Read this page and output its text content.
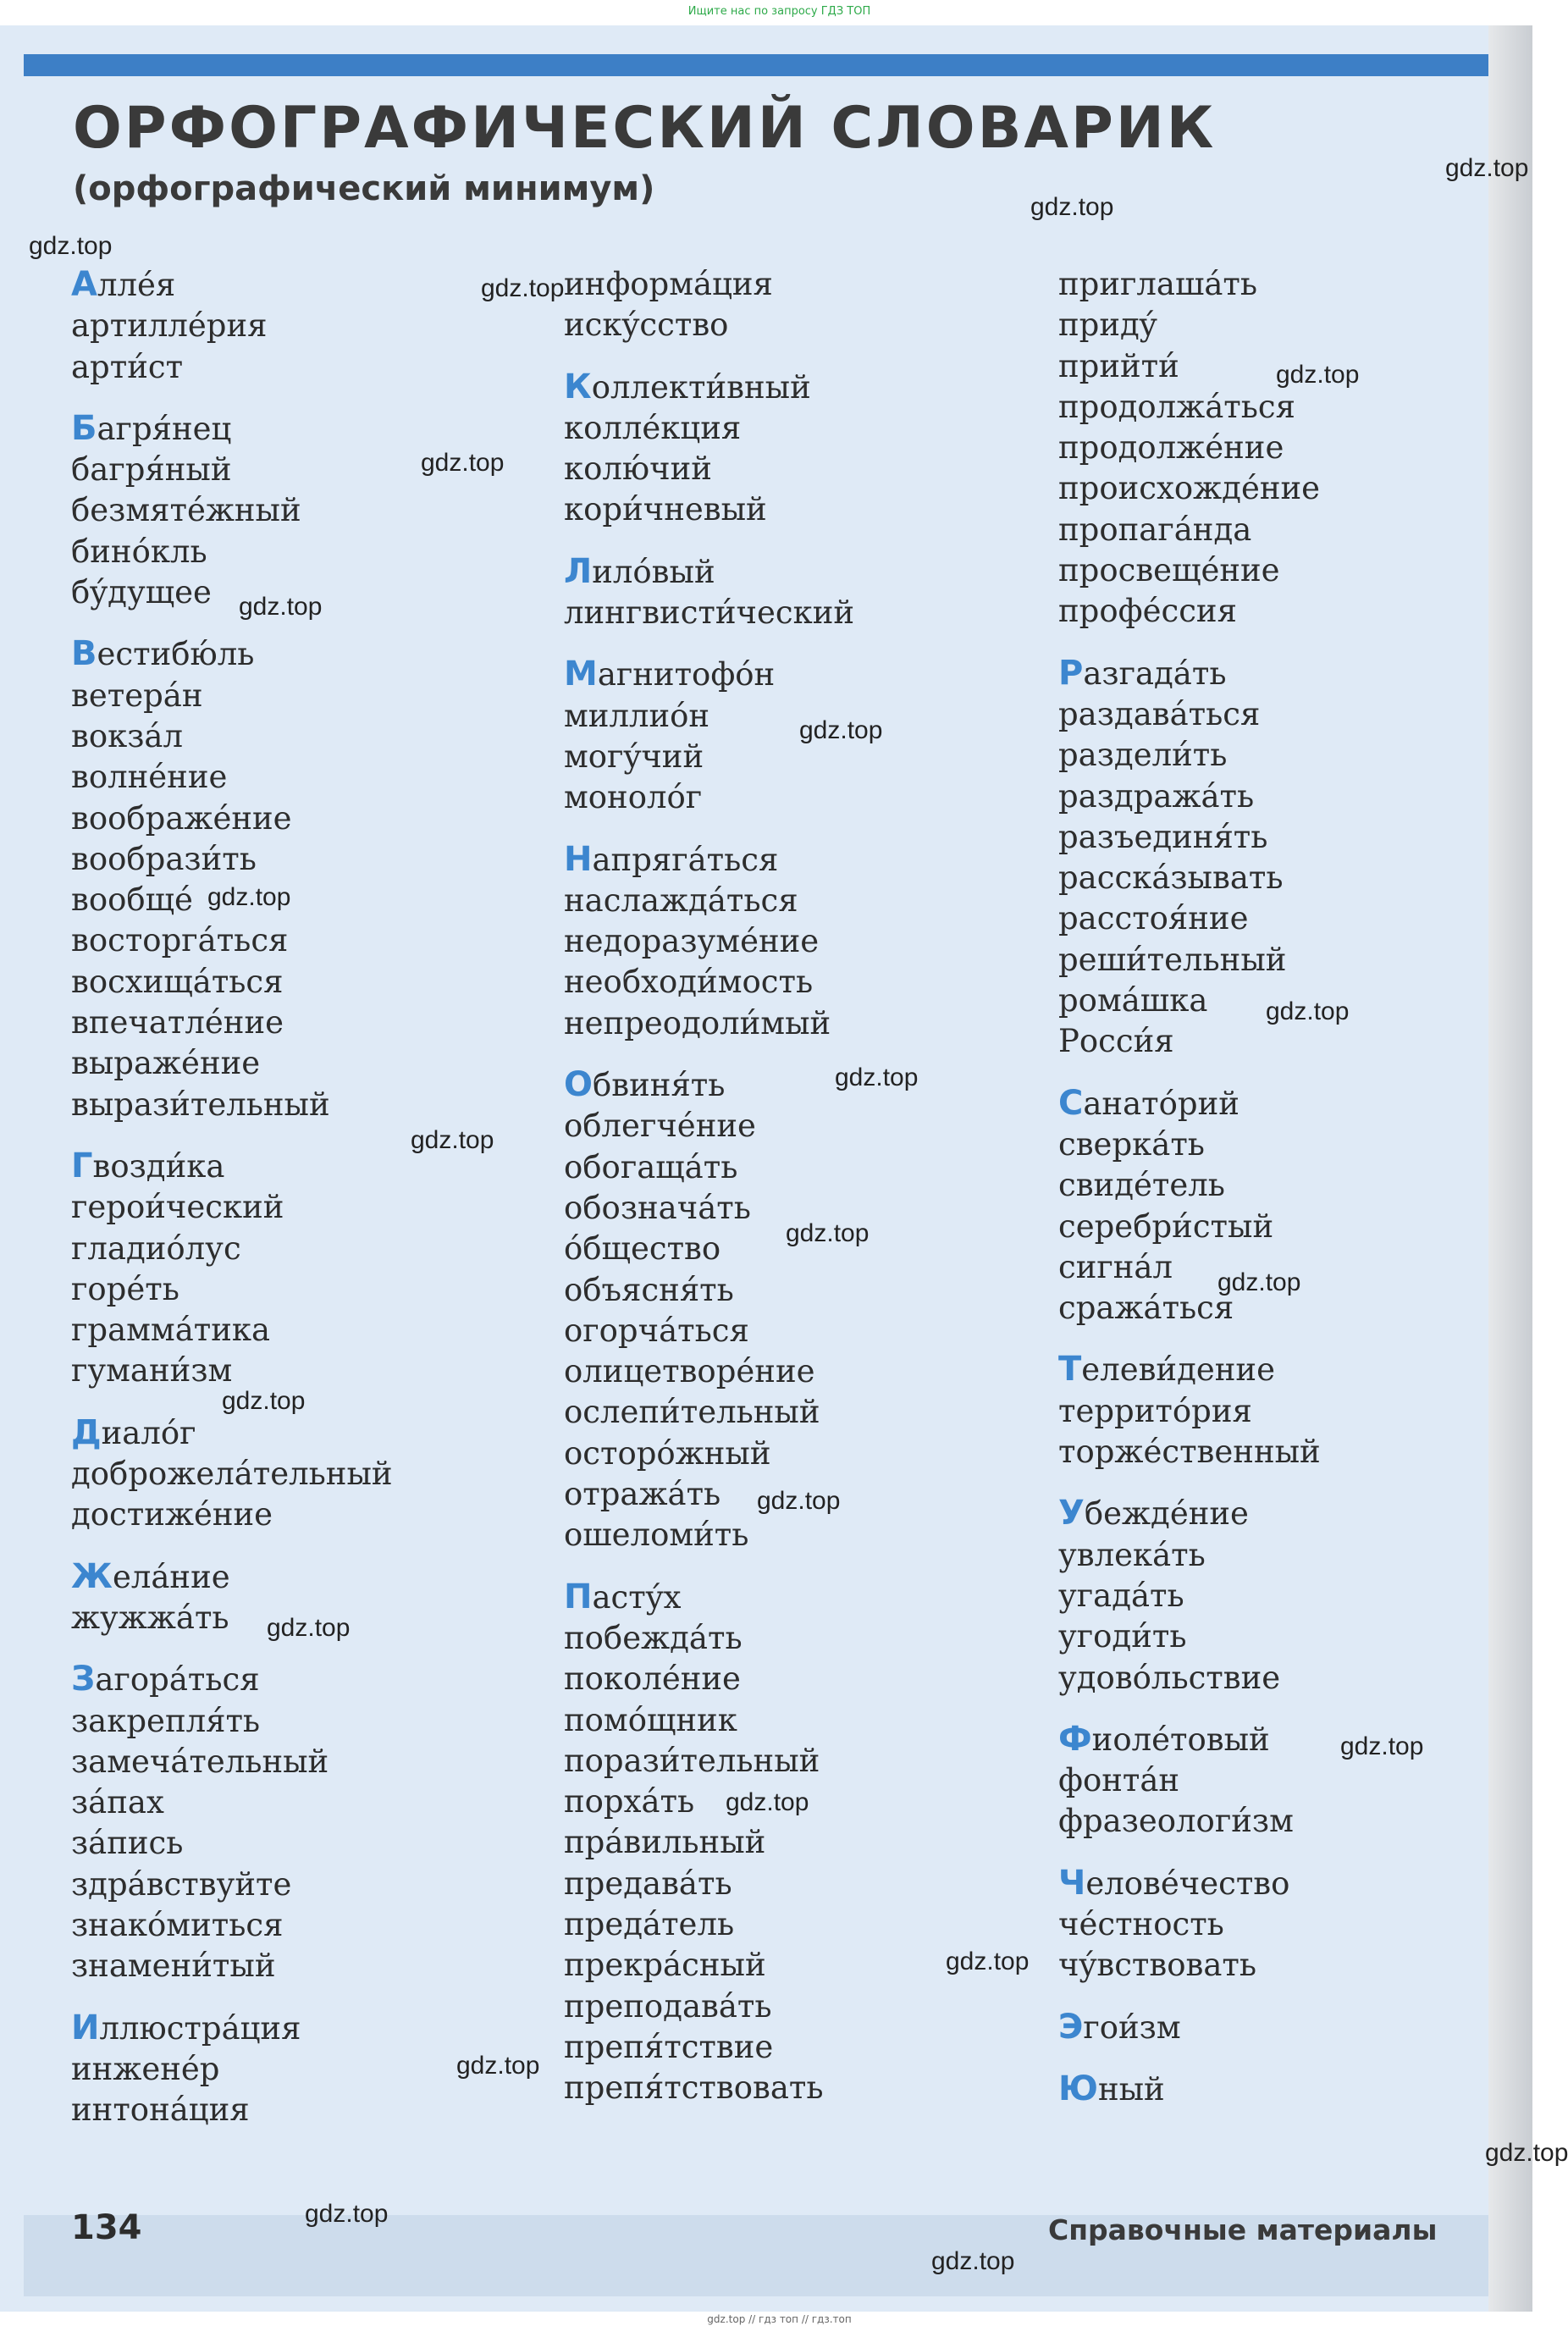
Ищите нас по запросу ГДЗ ТОП
ОРФОГРАФИЧЕСКИЙ СЛОВАРИК
(орфографический минимум)
Аллéя
артиллéрия
арти́ст
Багря́нец
багря́ный
безмятéжный
бинóкль
бýдущее
Вестибю́ль
ветерáн
вокзáл
волнéние
воображéние
вообрази́ть
вообщé
восторгáться
восхищáться
впечатлéние
выражéние
вырази́тельный
Гвозди́ка
герои́ческий
гладиóлус
горéть
граммáтика
гумани́зм
Диалóг
доброжелáтельный
достижéние
Желáние
жужжáть
Загорáться
закрепля́ть
замечáтельный
зáпах
зáпись
здрáвствуйте
знакóмиться
знамени́тый
Иллюстрáция
инженéр
интонáция
информáция
искýсство
Коллекти́вный
коллéкция
колю́чий
кори́чневый
Лилóвый
лингвисти́ческий
Магнитофóн
миллиóн
могýчий
монолóг
Напрягáться
наслаждáться
недоразумéние
необходи́мость
непреодоли́мый
Обвиня́ть
облегчéние
обогащáть
обозначáть
óбщество
объясня́ть
огорчáться
олицетворéние
ослепи́тельный
осторóжный
отражáть
ошеломи́ть
Пастýх
побеждáть
поколéние
помóщник
порази́тельный
порхáть
прáвильный
предавáть
предáтель
прекрáсный
преподавáть
препя́тствие
препя́тствовать
приглашáть
придý
прийти́
продолжáться
продолжéние
происхождéние
пропагáнда
просвещéние
профéссия
Разгадáть
раздавáться
раздели́ть
раздражáть
разъединя́ть
расскáзывать
расстоя́ние
реши́тельный
ромáшка
Росси́я
Санатóрий
сверкáть
свидéтель
серебри́стый
сигнáл
сражáться
Телеви́дение
террито́рия
торжéственный
Убеждéние
увлекáть
угадáть
угоди́ть
удовóльствие
Фиолéтовый
фонтáн
фразеологи́зм
Человéчество
чéстность
чýвствовать
Эгои́зм
Юный
134	Справочные материалы
gdz.top
gdz.top
gdz.top
gdz.top
gdz.top
gdz.top
gdz.top
gdz.top
gdz.top
gdz.top
gdz.top
gdz.top
gdz.top
gdz.top
gdz.top
gdz.top
gdz.top
gdz.top
gdz.top
gdz.top
gdz.top
gdz.top
gdz.top
gdz.top
gdz.top // гдз топ // гдз.топ
